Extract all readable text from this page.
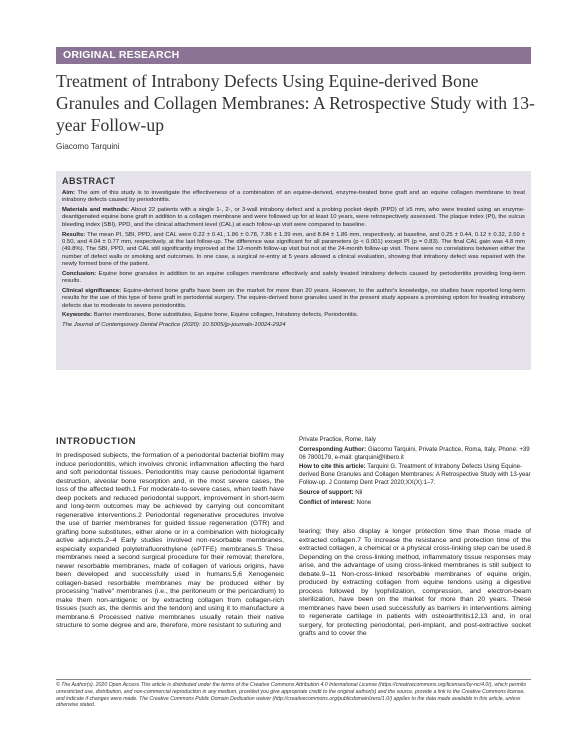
ORIGINAL RESEARCH
Treatment of Intrabony Defects Using Equine-derived Bone Granules and Collagen Membranes: A Retrospective Study with 13-year Follow-up
Giacomo Tarquini
ABSTRACT

Aim: The aim of this study is to investigate the effectiveness of a combination of an equine-derived, enzyme-treated bone graft and an equine collagen membrane to treat intrabony defects caused by periodontitis.

Materials and methods: About 22 patients with a single 1-, 2-, or 3-wall intrabony defect and a probing pocket depth (PPD) of ≥5 mm, who were treated using an enzyme-deantigenated equine bone graft in addition to a collagen membrane and were followed up for at least 10 years, were retrospectively assessed. The plaque index (PI), the sulcus bleeding index (SBI), PPD, and the clinical attachment level (CAL) at each follow-up visit were compared to baseline.

Results: The mean PI, SBI, PPD, and CAL were 0.22 ± 0.41, 1.86 ± 0.78, 7.86 ± 1.39 mm, and 8.84 ± 1.86 mm, respectively, at baseline, and 0.25 ± 0.44, 0.12 ± 0.32, 2.59 ± 0.50, and 4.04 ± 0.77 mm, respectively, at the last follow-up. The difference was significant for all parameters (p < 0.001) except PI (p = 0.83). The final CAL gain was 4.8 mm (49.8%). The SBI, PPD, and CAL still significantly improved at the 12-month follow-up visit but not at the 24-month follow-up visit. There were no correlations between either the number of defect walls or smoking and outcomes. In one case, a surgical re-entry at 5 years allowed a clinical evaluation, showing that intrabony defect was repaired with the newly formed bone of the patient.

Conclusion: Equine bone granules in addition to an equine collagen membrane effectively and safely treated intrabony defects caused by periodontitis providing long-term results.

Clinical significance: Equine-derived bone grafts have been on the market for more than 20 years. However, to the author's knowledge, no studies have reported long-term results for the use of this type of bone graft in periodontal surgery. The equine-derived bone granules used in the present study appears a promising option for treating intrabony defects due to moderate to severe periodontitis.

Keywords: Barrier membranes, Bone substitutes, Equine bone, Equine collagen, Intrabony defects, Periodontitis.

The Journal of Contemporary Dental Practice (2020): 10.5005/jp-journals-10024-2924

INTRODUCTION

In predisposed subjects, the formation of a periodontal bacterial biofilm may induce periodontitis, which involves chronic inflammation affecting the hard and soft periodontal tissues. Periodontitis may cause periodontal ligament destruction, alveolar bone resorption and, in the most severe cases, the loss of the affected teeth.1 For moderate-to-severe cases, when teeth have deep pockets and reduced periodontal support, improvement in short-term and long-term outcomes may be achieved by carrying out concomitant regenerative interventions.2 Periodontal regenerative procedures involve the use of barrier membranes for guided tissue regeneration (GTR) and grafting bone substitutes, either alone or in a combination with biologically active adjuncts.2–4 Early studies involved non-resorbable membranes, especially expanded polytetrafluorethylene (ePTFE) membranes.5 These membranes need a second surgical procedure for their removal; therefore, newer resorbable membranes, made of collagen of various origins, have been developed and successfully used in humans.5,6 Xenogeneic collagen-based resorbable membranes may be produced either by processing "native" membranes (i.e., the peritoneum or the pericardium) to make them non-antigenic or by extracting collagen from collagen-rich tissues (such as, the dermis and the tendon) and using it to manufacture a membrane.6 Processed native membranes usually retain their native structure to some degree and are, therefore, more resistant to suturing and

Private Practice, Rome, Italy

Corresponding Author: Giacomo Tarquini, Private Practice, Roma, Italy, Phone: +39 06 7800179, e-mail: gtarquini@libero.it

How to cite this article: Tarquini G. Treatment of Intrabony Defects Using Equine-derived Bone Granules and Collagen Membranes: A Retrospective Study with 13-year Follow-up. J Contemp Dent Pract 2020;XX(X):1–7.

Source of support: Nil

Conflict of interest: None

tearing; they also display a longer protection time than those made of extracted collagen.7 To increase the resistance and protection time of the extracted collagen, a chemical or a physical cross-linking step can be used.8 Depending on the cross-linking method, inflammatory tissue responses may arise, and the advantage of using cross-linked membranes is still subject to debate.9–11 Non-cross-linked resorbable membranes of equine origin, produced by extracting collagen from equine tendons using a digestive process followed by lyophilization, compression, and electron-beam sterilization, have been on the market for more than 20 years. These membranes have been used successfully as barriers in interventions aiming to regenerate cartilage in patients with osteoarthritis12,13 and, in oral surgery, for protecting periodontal, peri-implant, and post-extractive socket grafts and to cover the

© The Author(s). 2020 Open Access This article is distributed under the terms of the Creative Commons Attribution 4.0 International License (https://creativecommons.org/licenses/by-nc/4.0/), which permits unrestricted use, distribution, and non-commercial reproduction in any medium, provided you give appropriate credit to the original author(s) and the source, provide a link to the Creative Commons license, and indicate if changes were made. The Creative Commons Public Domain Dedication waiver (http://creativecommons.org/publicdomain/zero/1.0/) applies to the data made available in this article, unless otherwise stated.
